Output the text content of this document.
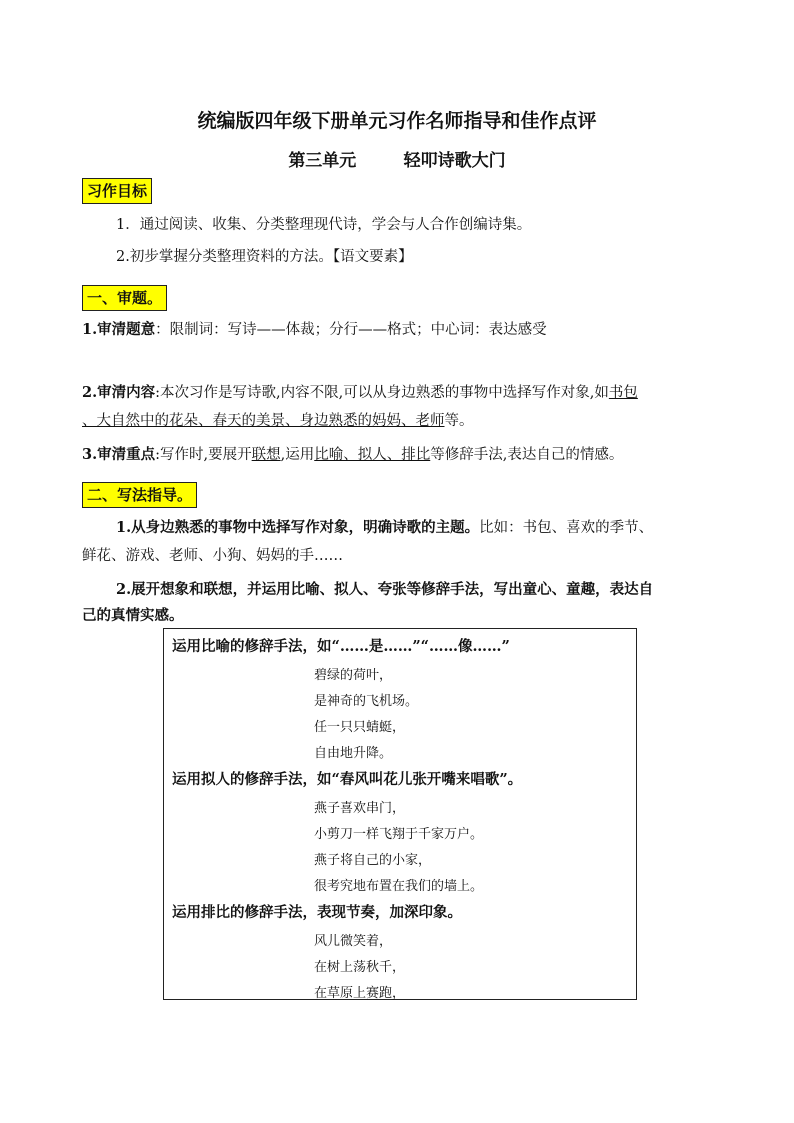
统编版四年级下册单元习作名师指导和佳作点评
第三单元        轻叩诗歌大门
习作目标
1．通过阅读、收集、分类整理现代诗，学会与人合作创编诗集。
2.初步掌握分类整理资料的方法。【语文要素】
一、审题。
1.审清题意：限制词：写诗——体裁；分行——格式；中心词：表达感受
2.审清内容:本次习作是写诗歌,内容不限,可以从身边熟悉的事物中选择写作对象,如书包
、大自然中的花朵、春天的美景、身边熟悉的妈妈、老师等。
3.审清重点:写作时,要展开联想,运用比喻、拟人、排比等修辞手法,表达自己的情感。
二、写法指导。
1.从身边熟悉的事物中选择写作对象，明确诗歌的主题。比如：书包、喜欢的季节、
鲜花、游戏、老师、小狗、妈妈的手……
2.展开想象和联想，并运用比喻、拟人、夸张等修辞手法，写出童心、童趣，表达自
己的真情实感。
运用比喻的修辞手法，如“……是……”“……像……”
碧绿的荷叶，
是神奇的飞机场。
任一只只蜻蜓，
自由地升降。
运用拟人的修辞手法，如“春风叫花儿张开嘴来唱歌”。
燕子喜欢串门，
小剪刀一样飞翔于千家万户。
燕子将自己的小家，
很考究地布置在我们的墙上。
运用排比的修辞手法，表现节奏，加深印象。
风儿微笑着，
在树上荡秋千，
在草原上赛跑，
